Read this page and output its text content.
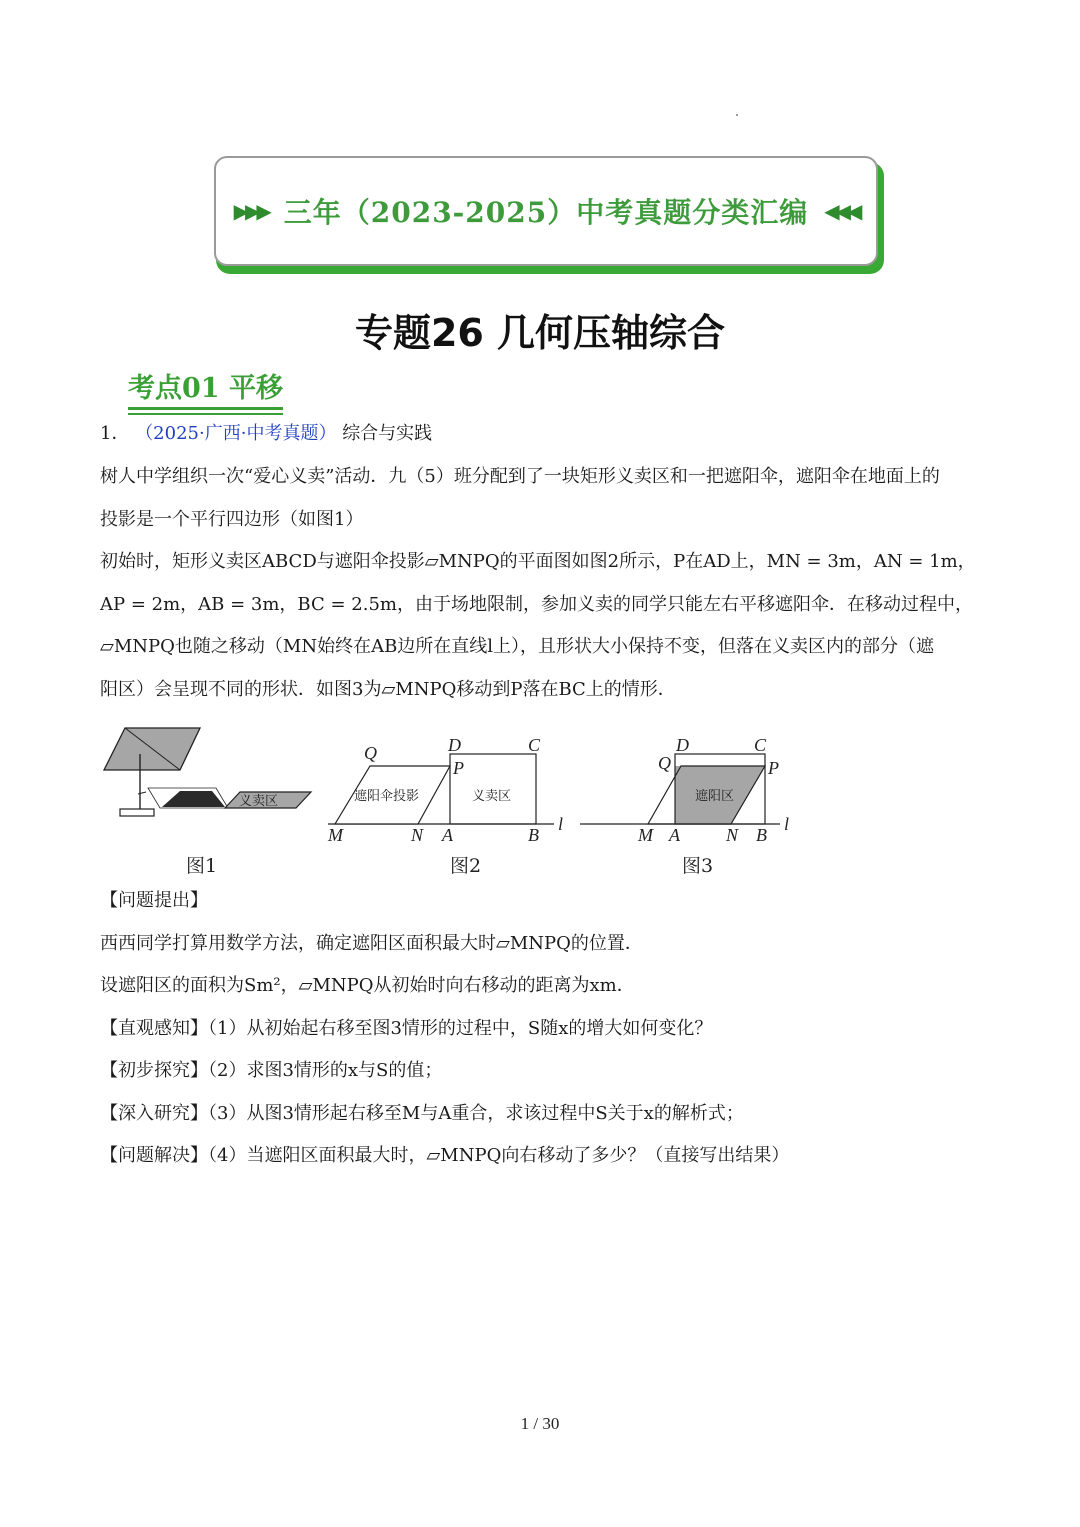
▶▶▶ 三年（2023-2025）中考真题分类汇编 ◀◀◀
专题26 几何压轴综合
考点01 平移
1． （2025·广西·中考真题） 综合与实践
树人中学组织一次“爱心义卖”活动．九（5）班分配到了一块矩形义卖区和一把遮阳伞，遮阳伞在地面上的
投影是一个平行四边形（如图1）
初始时，矩形义卖区ABCD与遮阳伞投影▱MNPQ的平面图如图2所示，P在AD上，MN = 3m，AN = 1m，
AP = 2m，AB = 3m，BC = 2.5m，由于场地限制，参加义卖的同学只能左右平移遮阳伞．在移动过程中，
▱MNPQ也随之移动（MN始终在AB边所在直线l上），且形状大小保持不变，但落在义卖区内的部分（遮
阳区）会呈现不同的形状．如图3为▱MNPQ移动到P落在BC上的情形．
义卖区
图1
遮阳伞投影	义卖区
Q	D	C
P
M	N A	B
l
图2
遮阳区
D	C
Q	P
M A	N B
l
图3
【问题提出】
西西同学打算用数学方法，确定遮阳区面积最大时▱MNPQ的位置．
设遮阳区的面积为Sm²，▱MNPQ从初始时向右移动的距离为xm．
【直观感知】（1）从初始起右移至图3情形的过程中，S随x的增大如何变化？
【初步探究】（2）求图3情形的x与S的值；
【深入研究】（3）从图3情形起右移至M与A重合，求该过程中S关于x的解析式；
【问题解决】（4）当遮阳区面积最大时，▱MNPQ向右移动了多少？（直接写出结果）
1 / 30
